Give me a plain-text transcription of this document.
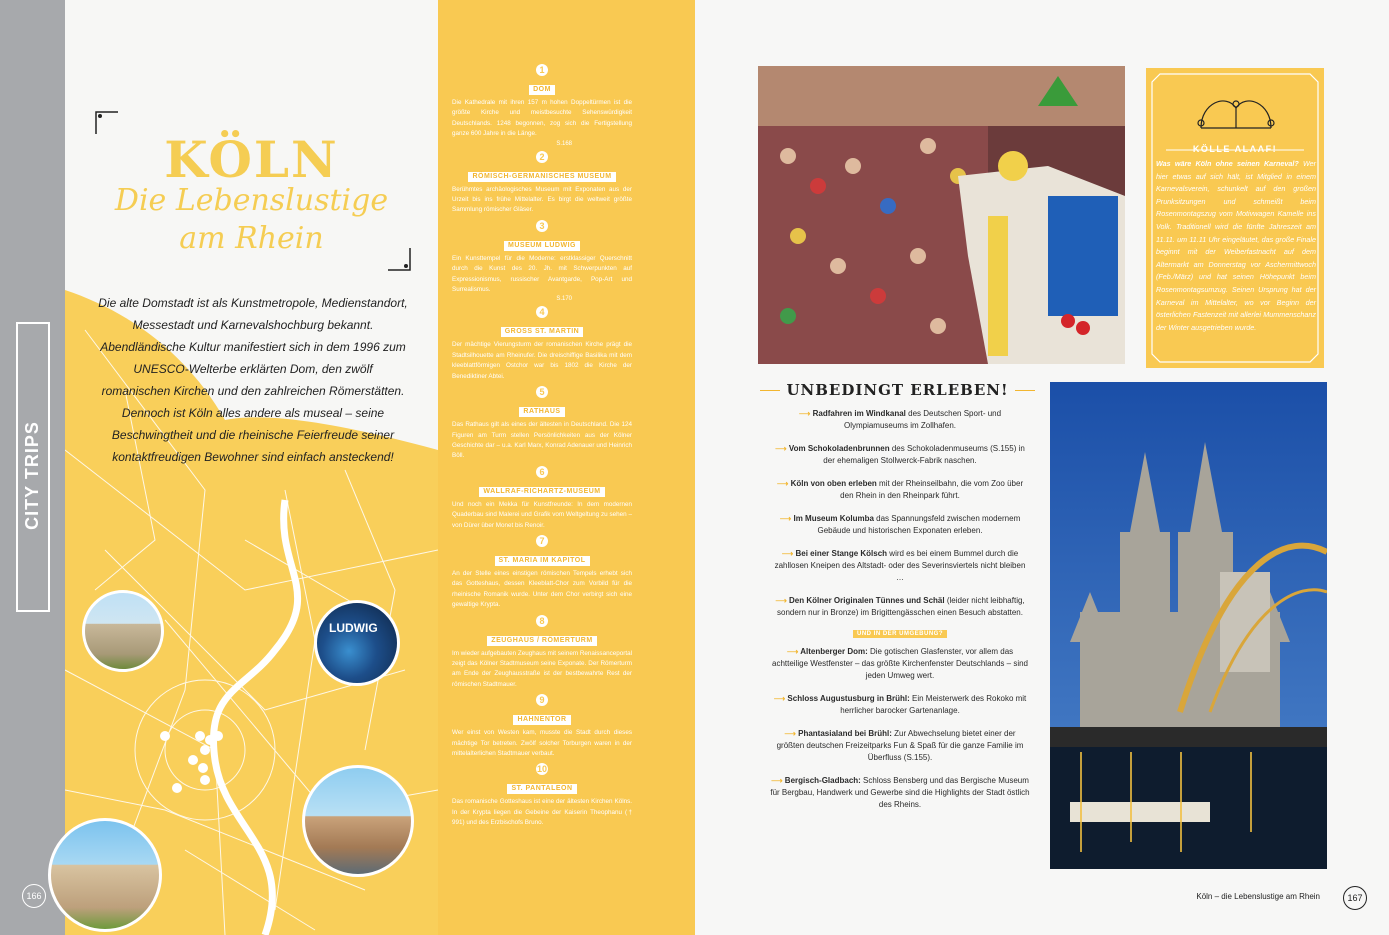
CITY TRIPS
166
KÖLN
Die Lebenslustige
am Rhein
Die alte Domstadt ist als Kunstmetropole, Medienstandort, Messestadt und Karnevalshochburg bekannt. Abendländische Kultur manifestiert sich in dem 1996 zum UNESCO-Welterbe erklärten Dom, den zwölf romanischen Kirchen und den zahlreichen Römerstätten. Dennoch ist Köln alles andere als museal – seine Beschwingtheit und die rheinische Feierfreude seiner kontaktfreudigen Bewohner sind einfach ansteckend!
LUDWIG
1
DOM
Die Kathedrale mit ihren 157 m hohen Doppeltürmen ist die größte Kirche und meistbesuchte Sehenswürdigkeit Deutschlands. 1248 begonnen, zog sich die Fertigstellung ganze 600 Jahre in die Länge.
S.168
2
RÖMISCH-GERMANISCHES MUSEUM
Berühmtes archäologisches Museum mit Exponaten aus der Urzeit bis ins frühe Mittelalter. Es birgt die weltweit größte Sammlung römischer Gläser.
3
MUSEUM LUDWIG
Ein Kunsttempel für die Moderne: erstklassiger Querschnitt durch die Kunst des 20. Jh. mit Schwerpunkten auf Expressionismus, russischer Avantgarde, Pop-Art und Surrealismus.
S.170
4
GROSS ST. MARTIN
Der mächtige Vierungsturm der romanischen Kirche prägt die Stadtsilhouette am Rheinufer. Die dreischiffige Basilika mit dem kleeblattförmigen Ostchor war bis 1802 die Kirche der Benediktiner Abtei.
5
RATHAUS
Das Rathaus gilt als eines der ältesten in Deutschland. Die 124 Figuren am Turm stellen Persönlichkeiten aus der Kölner Geschichte dar – u.a. Karl Marx, Konrad Adenauer und Heinrich Böll.
6
WALLRAF-RICHARTZ-MUSEUM
Und noch ein Mekka für Kunstfreunde: In dem modernen Quaderbau sind Malerei und Grafik vom Weltgeltung zu sehen – von Dürer über Monet bis Renoir.
7
ST. MARIA IM KAPITOL
An der Stelle eines einstigen römischen Tempels erhebt sich das Gotteshaus, dessen Kleeblatt-Chor zum Vorbild für die rheinische Romanik wurde. Unter dem Chor verbirgt sich eine gewaltige Krypta.
8
ZEUGHAUS / RÖMERTURM
Im wieder aufgebauten Zeughaus mit seinem Renaissanceportal zeigt das Kölner Stadtmuseum seine Exponate. Der Römerturm am Ende der Zeughausstraße ist der bestbewahrte Rest der römischen Stadtmauer.
9
HAHNENTOR
Wer einst von Westen kam, musste die Stadt durch dieses mächtige Tor betreten. Zwölf solcher Torburgen waren in der mittelalterlichen Stadtmauer verbaut.
10
ST. PANTALEON
Das romanische Gotteshaus ist eine der ältesten Kirchen Kölns. In der Krypta liegen die Gebeine der Kaiserin Theophanu († 991) und des Erzbischofs Bruno.
KÖLLE ALAAF!
Was wäre Köln ohne seinen Karneval? Wer hier etwas auf sich hält, ist Mitglied in einem Karnevalsverein, schunkelt auf den großen Prunksitzungen und schmeißt beim Rosenmontagszug vom Motivwagen Kamelle ins Volk. Traditionell wird die fünfte Jahreszeit am 11.11. um 11.11 Uhr eingeläutet, das große Finale beginnt mit der Weiberfastnacht auf dem Altermarkt am Donnerstag vor Aschermittwoch (Feb./März) und hat seinen Höhepunkt beim Rosenmontagsumzug. Seinen Ursprung hat der Karneval im Mittelalter, wo vor Beginn der österlichen Fastenzeit mit allerlei Mummenschanz der Winter ausgetrieben wurde.
UNBEDINGT ERLEBEN!
⟶ Radfahren im Windkanal des Deutschen Sport- und Olympiamuseums im Zollhafen.
⟶ Vom Schokoladenbrunnen des Schokoladenmuseums (S.155) in der ehemaligen Stollwerck-Fabrik naschen.
⟶ Köln von oben erleben mit der Rheinseilbahn, die vom Zoo über den Rhein in den Rheinpark führt.
⟶ Im Museum Kolumba das Spannungsfeld zwischen modernem Gebäude und historischen Exponaten erleben.
⟶ Bei einer Stange Kölsch wird es bei einem Bummel durch die zahllosen Kneipen des Altstadt- oder des Severinsviertels nicht bleiben …
⟶ Den Kölner Originalen Tünnes und Schäl (leider nicht leibhaftig, sondern nur in Bronze) im Brigittengässchen einen Besuch abstatten.
UND IN DER UMGEBUNG?
⟶ Altenberger Dom: Die gotischen Glasfenster, vor allem das achtteilige Westfenster – das größte Kirchenfenster Deutschlands – sind jeden Umweg wert.
⟶ Schloss Augustusburg in Brühl: Ein Meisterwerk des Rokoko mit herrlicher barocker Gartenanlage.
⟶ Phantasialand bei Brühl: Zur Abwechselung bietet einer der größten deutschen Freizeitparks Fun & Spaß für die ganze Familie im Überfluss (S.155).
⟶ Bergisch-Gladbach: Schloss Bensberg und das Bergische Museum für Bergbau, Handwerk und Gewerbe sind die Highlights der Stadt östlich des Rheins.
Köln – die Lebenslustige am Rhein	167
